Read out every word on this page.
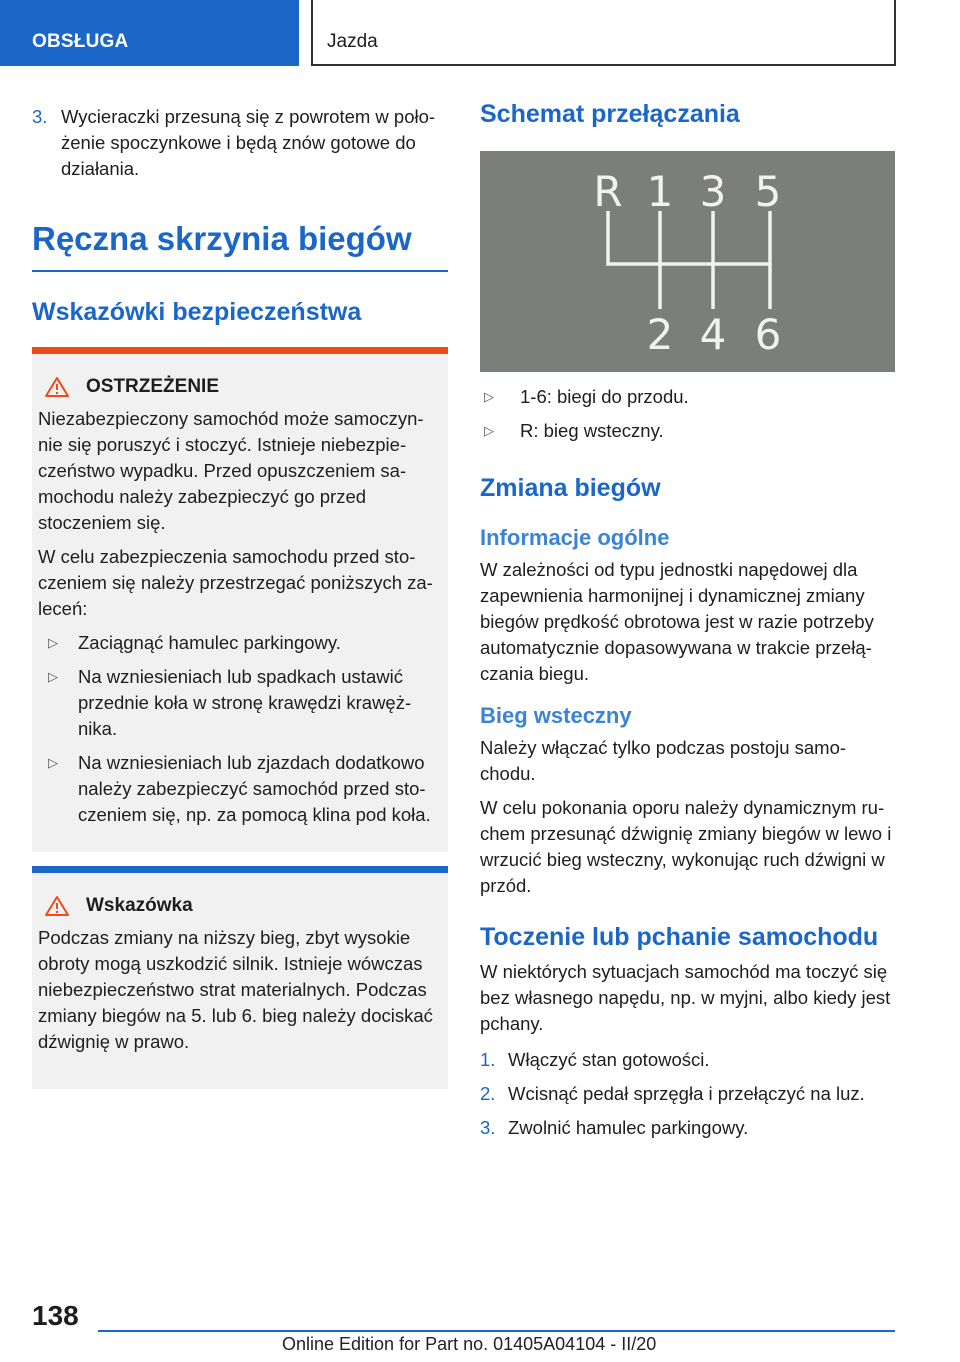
OBSŁUGA	Jazda
3. Wycieraczki przesuną się z powrotem w poło-żenie spoczynkowe i będą znów gotowe do działania.
Ręczna skrzynia biegów
Wskazówki bezpieczeństwa
OSTRZEŻENIE

Niezabezpieczony samochód może samoczyn-nie się poruszyć i stoczyć. Istnieje niebezpie-czeństwo wypadku. Przed opuszczeniem sa-mochodu należy zabezpieczyć go przed stoczeniem się.

W celu zabezpieczenia samochodu przed sto-czeniem się należy przestrzegać poniższych za-leceń:

▷	Zaciągnąć hamulec parkingowy.
▷	Na wzniesieniach lub spadkach ustawić przednie koła w stronę krawędzi krawęż-nika.
▷	Na wzniesieniach lub zjazdach dodatkowo należy zabezpieczyć samochód przed sto-czeniem się, np. za pomocą klina pod koła.
Wskazówka

Podczas zmiany na niższy bieg, zbyt wysokie obroty mogą uszkodzić silnik. Istnieje wówczas niebezpieczeństwo strat materialnych. Podczas zmiany biegów na 5. lub 6. bieg należy dociskać dźwignię w prawo.

Schemat przełączania
R 1 3 5
2 4 6
▷	1-6: biegi do przodu.
▷	R: bieg wsteczny.
Zmiana biegów
Informacje ogólne

W zależności od typu jednostki napędowej dla zapewnienia harmonijnej i dynamicznej zmiany biegów prędkość obrotowa jest w razie potrzeby automatycznie dopasowywana w trakcie przełą-czania biegu.

Bieg wsteczny

Należy włączać tylko podczas postoju samo-chodu.

W celu pokonania oporu należy dynamicznym ru-chem przesunąć dźwignię zmiany biegów w lewo i wrzucić bieg wsteczny, wykonując ruch dźwigni w przód.

Toczenie lub pchanie samochodu

W niektórych sytuacjach samochód ma toczyć się bez własnego napędu, np. w myjni, albo kiedy jest pchany.

1. Włączyć stan gotowości.
2. Wcisnąć pedał sprzęgła i przełączyć na luz.
3. Zwolnić hamulec parkingowy.
138
Online Edition for Part no. 01405A04104 - II/20
